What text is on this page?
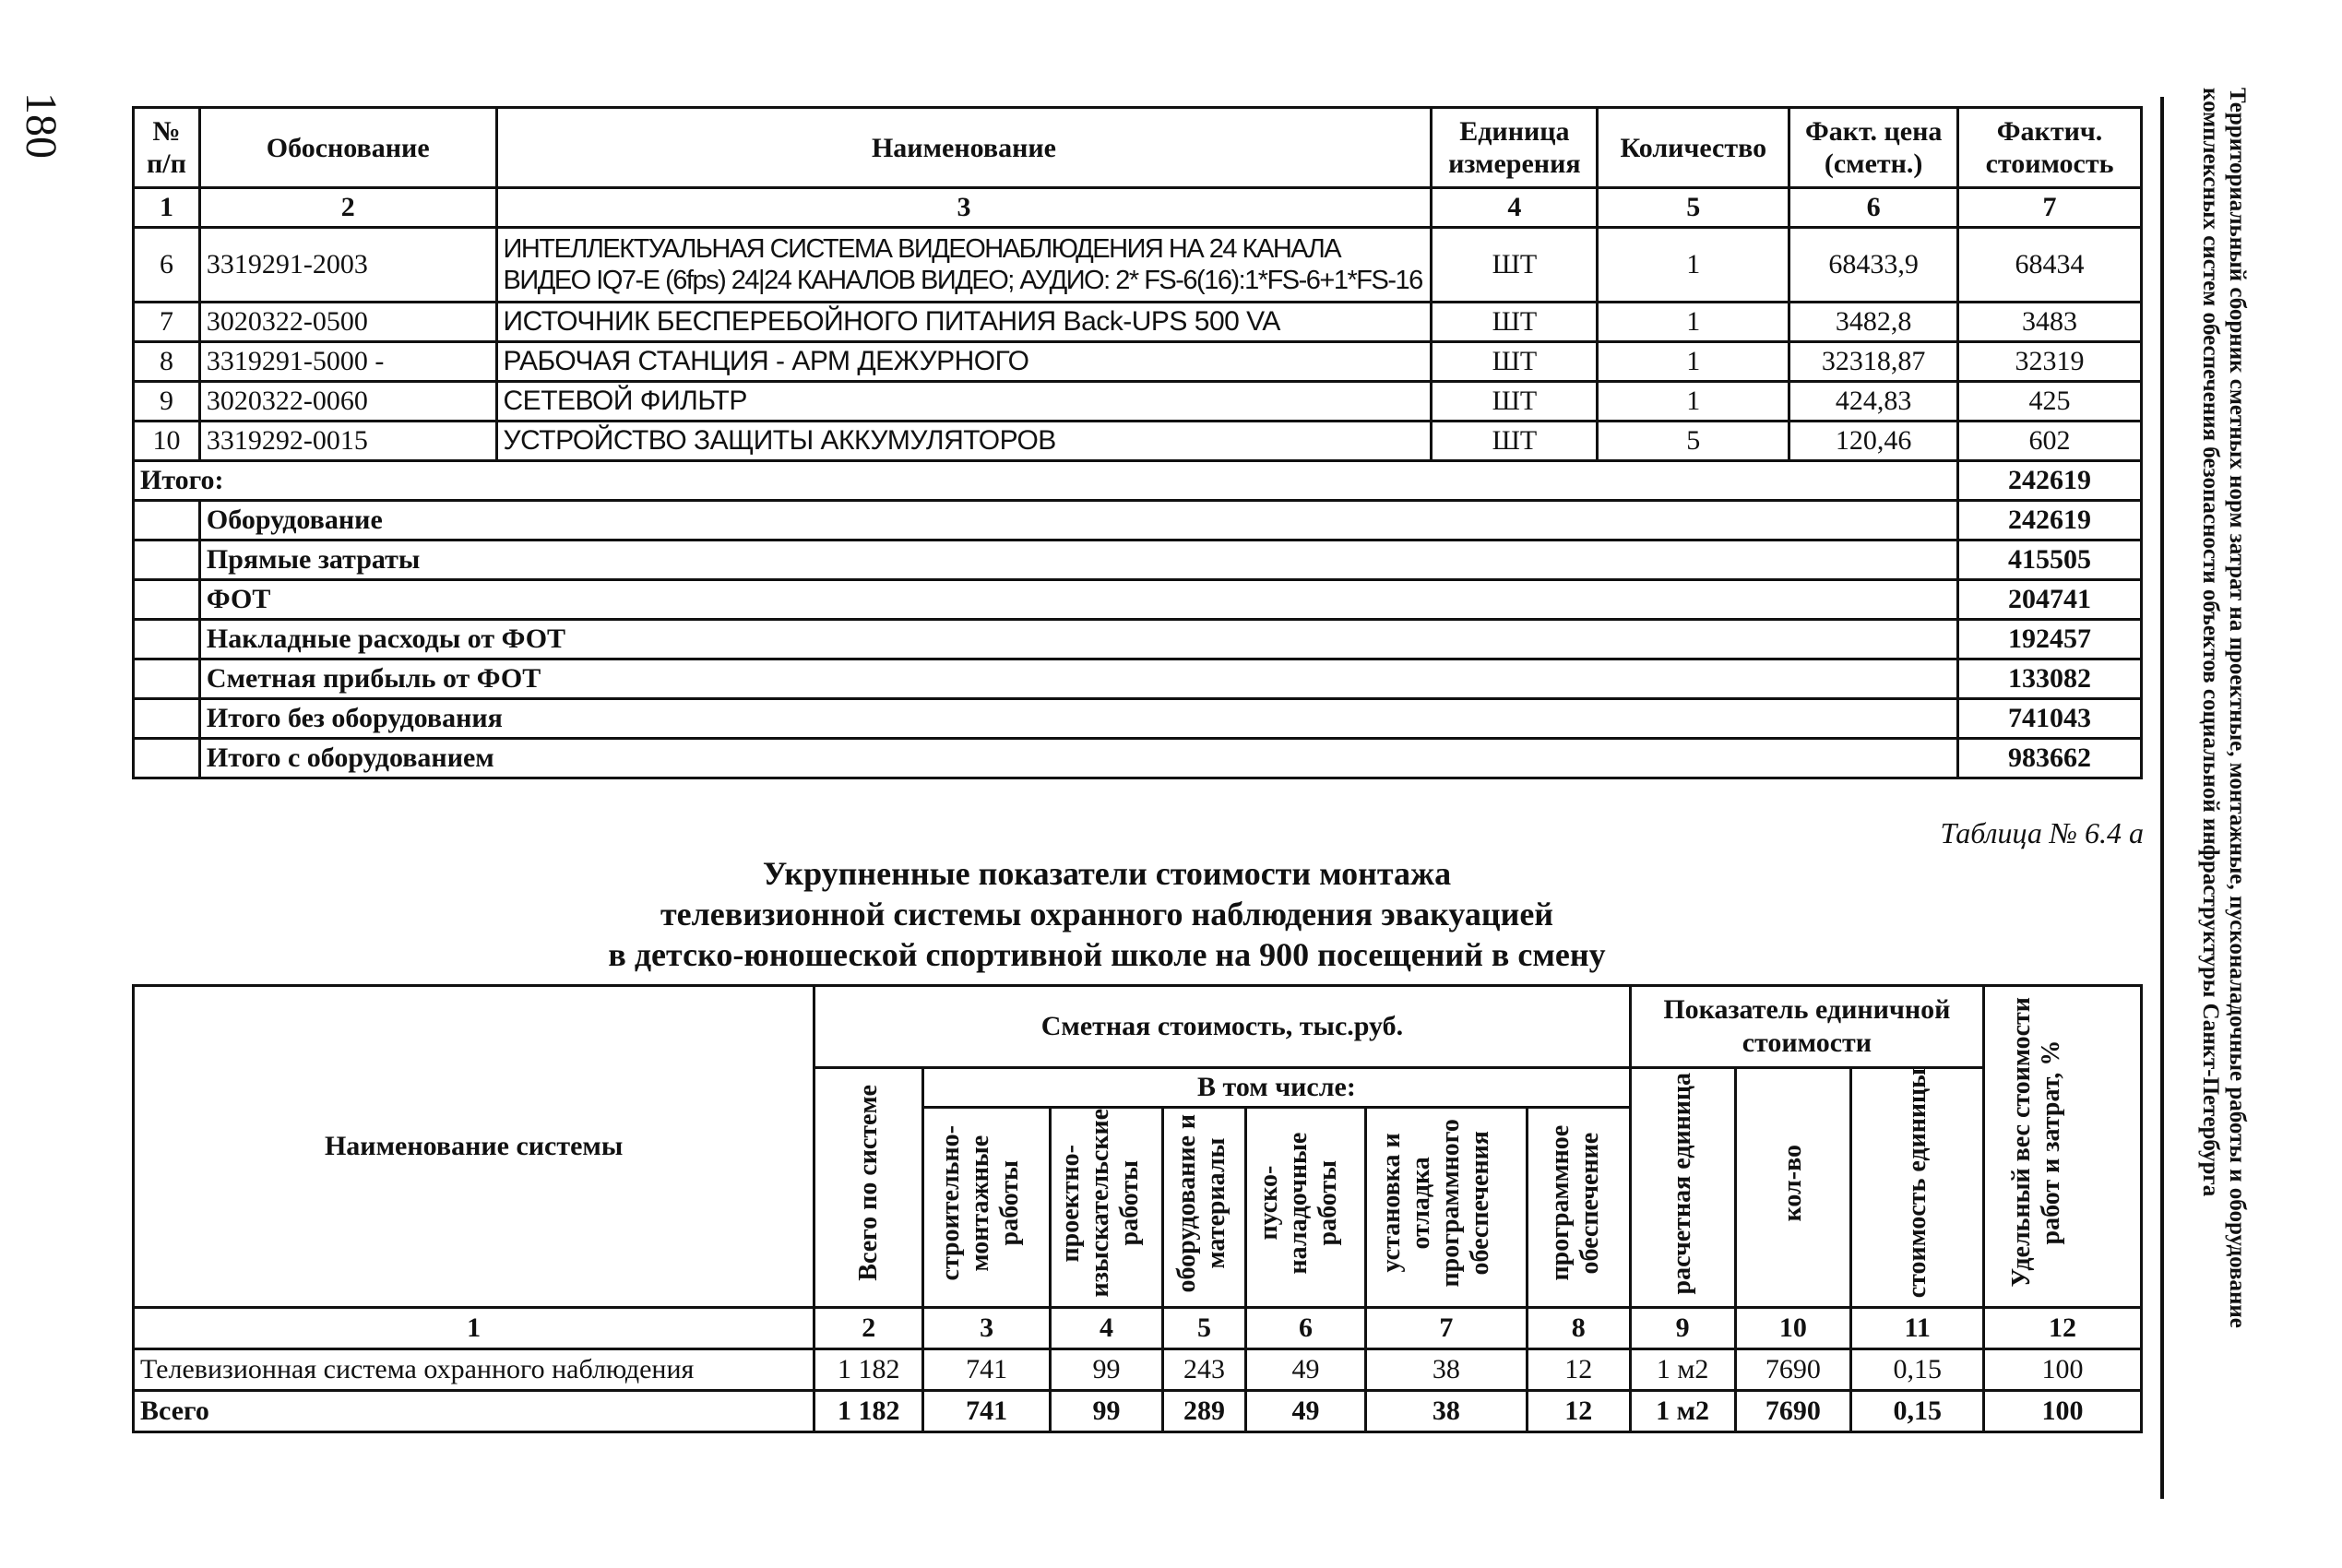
180	Территориальный сборник сметных норм затрат на проектные, монтажные, пусконаладочные работы и оборудование комплексных систем обеспечения безопасности объектов социальной инфраструктуры Санкт-Петербурга
№ п/п	Обоснование	Наименование	Единица измерения	Количество	Факт. цена (сметн.)	Фактич. стоимость
1	2	3	4	5	6	7
6	3319291-2003	ИНТЕЛЛЕКТУАЛЬНАЯ СИСТЕМА ВИДЕОНАБЛЮДЕНИЯ НА 24 КАНАЛА
ВИДЕО IQ7-E (6fps) 24|24 КАНАЛОВ ВИДЕО; АУДИО: 2* FS-6(16):1*FS-6+1*FS-16	ШТ	1	68433,9	68434
7	3020322-0500	ИСТОЧНИК БЕСПЕРЕБОЙНОГО ПИТАНИЯ Back-UPS 500 VA	ШТ	1	3482,8	3483
8	3319291-5000 -	РАБОЧАЯ СТАНЦИЯ - АРМ ДЕЖУРНОГО	ШТ	1	32318,87	32319
9	3020322-0060	СЕТЕВОЙ ФИЛЬТР	ШТ	1	424,83	425
10	3319292-0015	УСТРОЙСТВО ЗАЩИТЫ АККУМУЛЯТОРОВ	ШТ	5	120,46	602
Итого:						242619
	Оборудование					242619
	Прямые затраты					415505
	ФОТ					204741
	Накладные расходы от ФОТ					192457
	Сметная прибыль от ФОТ					133082
	Итого без оборудования					741043
	Итого с оборудованием					983662
Таблица № 6.4 а
Укрупненные показатели стоимости монтажа
телевизионной системы охранного наблюдения эвакуацией
в детско-юношеской спортивной школе на 900 посещений в смену
Наименование системы	Сметная стоимость, тыс.руб.							Показатель единичной стоимости			Удельный вес стоимости работ и затрат, %
	Всего по системе	В том числе:						расчетная единица	кол-во	стоимость единицы	
		строительно-монтажные работы	проектно-изыскательские работы	оборудование и материалы	пуско-наладочные работы	установка и отладка программного обеспечения	программное обеспечение				
1	2	3	4	5	6	7	8	9	10	11	12
Телевизионная система охранного наблюдения	1 182	741	99	243	49	38	12	1 м2	7690	0,15	100
Всего	1 182	741	99	289	49	38	12	1 м2	7690	0,15	100
